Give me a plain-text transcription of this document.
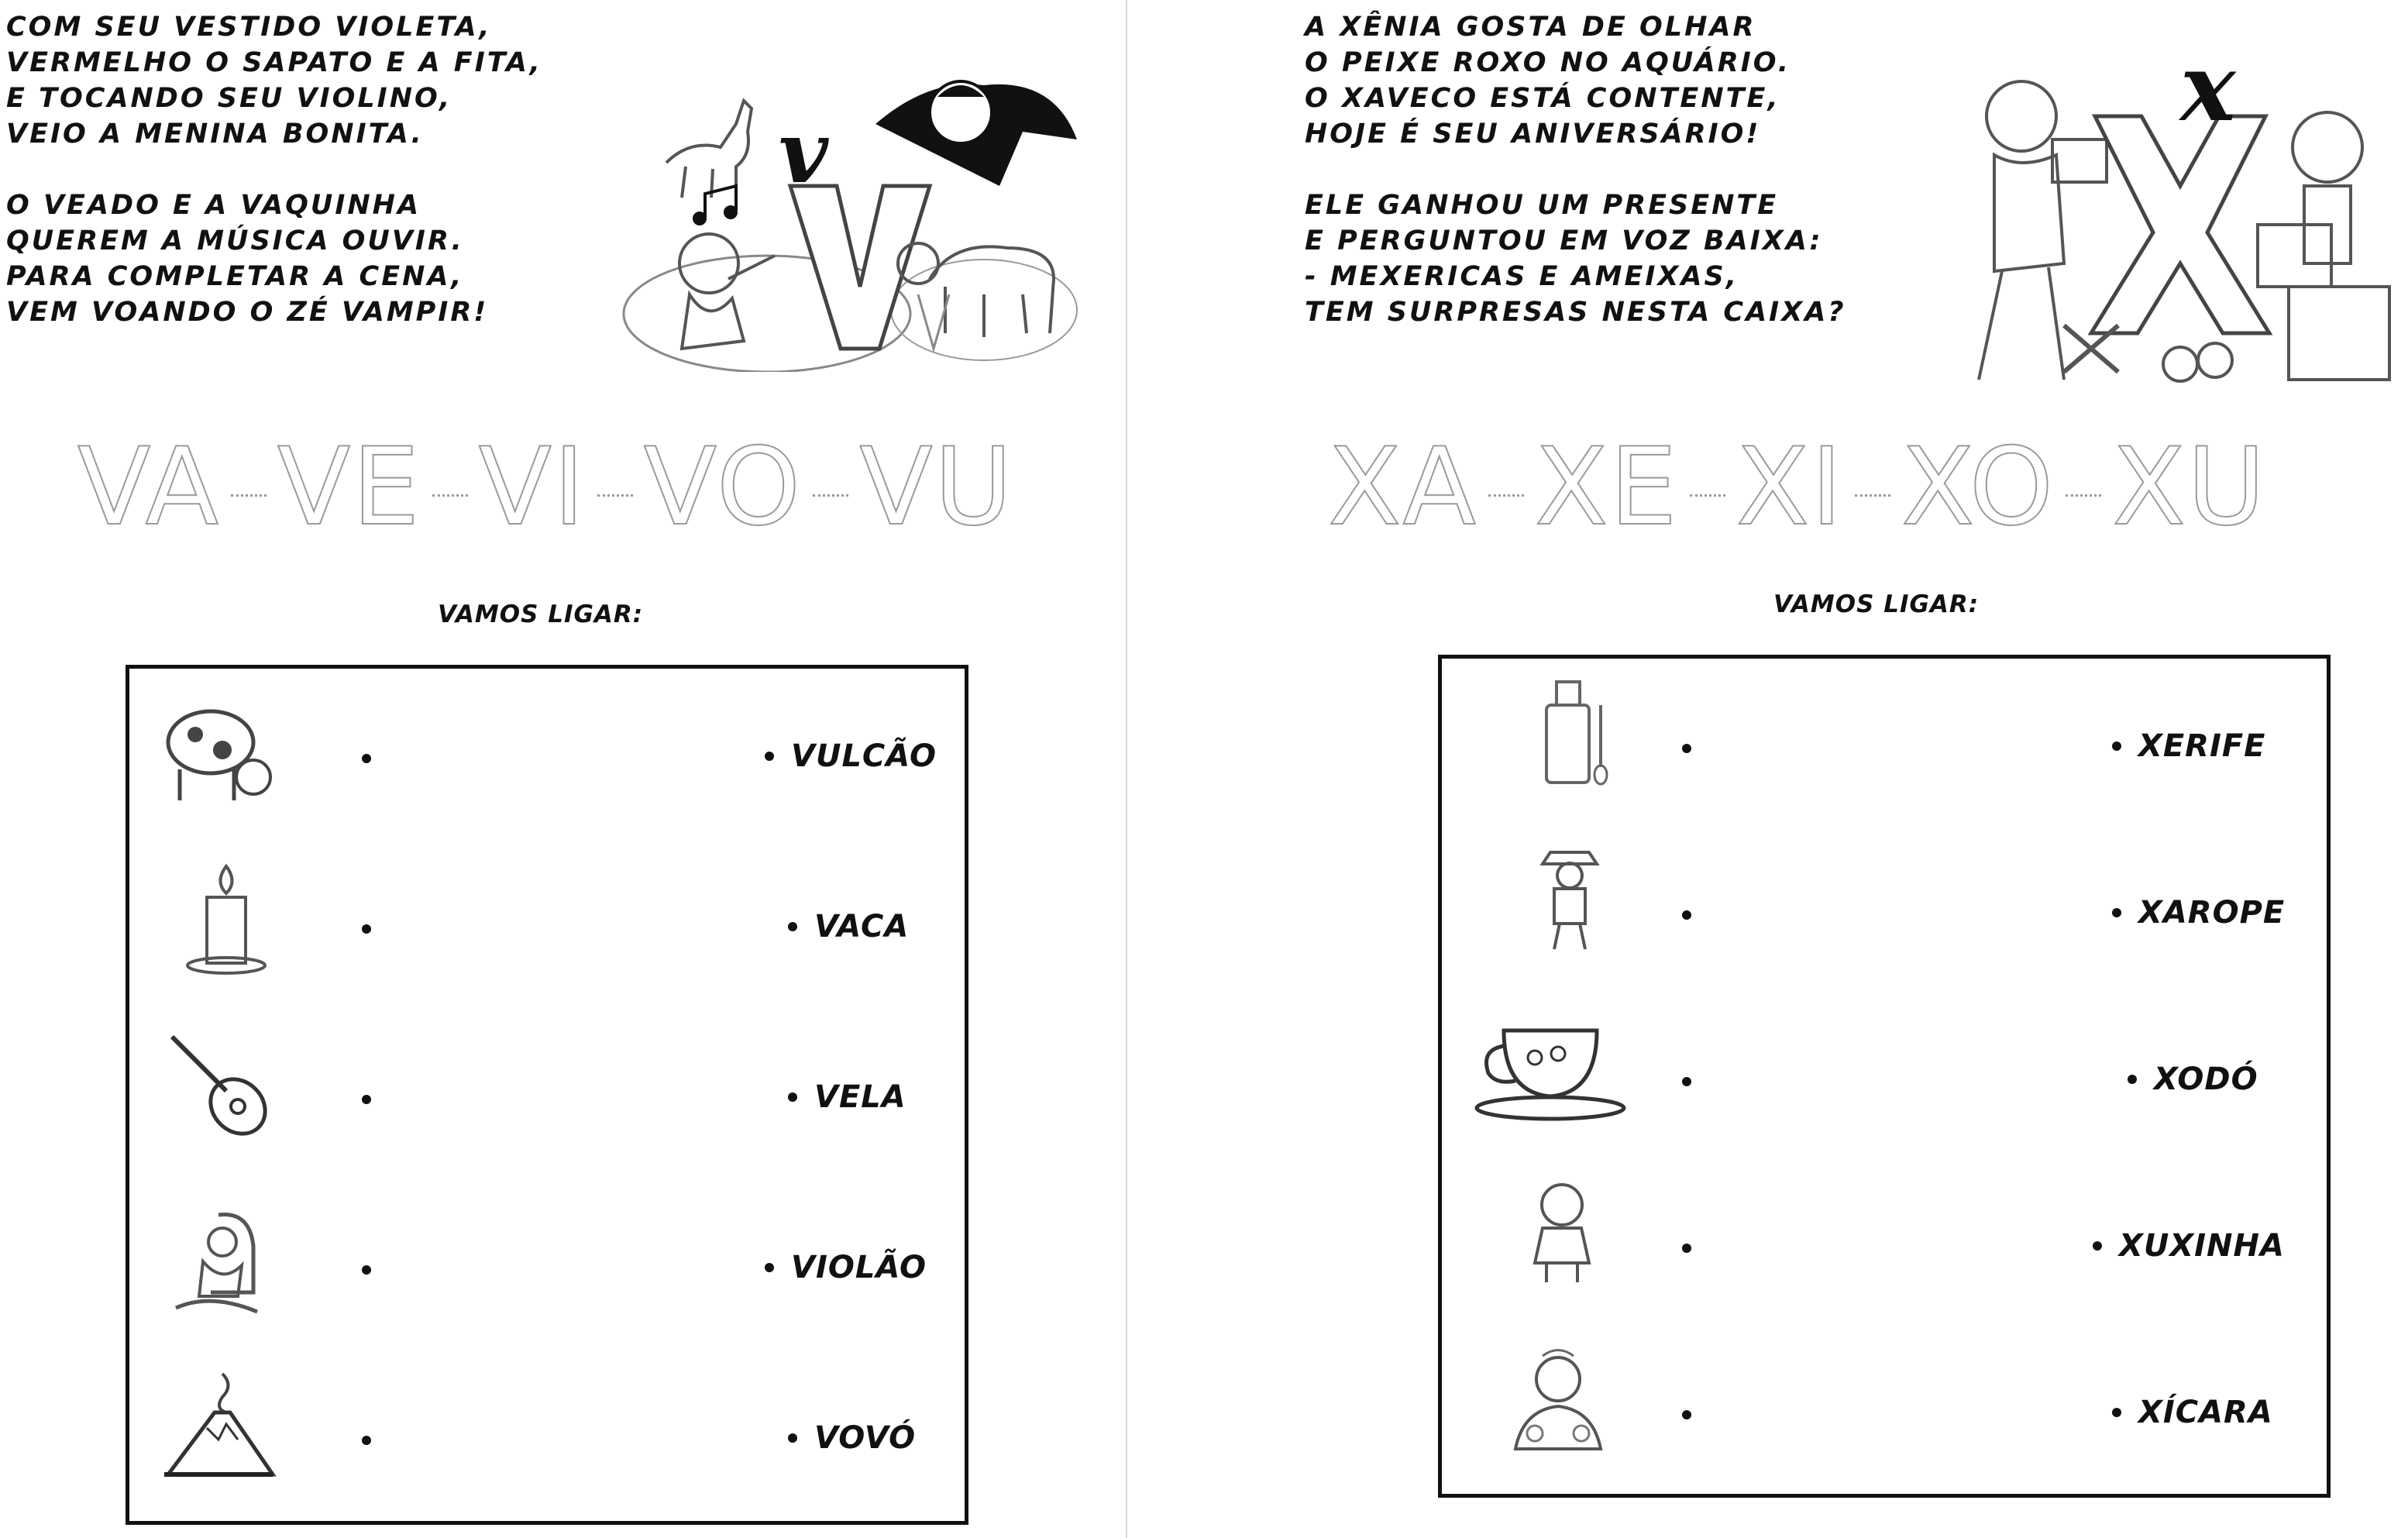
COM SEU VESTIDO VIOLETA,
VERMELHO O SAPATO E A FITA,
E TOCANDO SEU VIOLINO,
VEIO A MENINA BONITA.
O VEADO E A VAQUINHA
QUEREM A MÚSICA OUVIR.
PARA COMPLETAR A CENA,
VEM VOANDO O ZÉ VAMPIR!
v
VA VE VI VO VU
VAMOS LIGAR:
VULCÃO
VACA
VELA
VIOLÃO
VOVÓ
A XÊNIA GOSTA DE OLHAR
O PEIXE ROXO NO AQUÁRIO.
O XAVECO ESTÁ CONTENTE,
HOJE É SEU ANIVERSÁRIO!
ELE GANHOU UM PRESENTE
E PERGUNTOU EM VOZ BAIXA:
- MEXERICAS E AMEIXAS,
TEM SURPRESAS NESTA CAIXA?
x
XA XE XI XO XU
VAMOS LIGAR:
XERIFE
XAROPE
XODÓ
XUXINHA
XÍCARA
